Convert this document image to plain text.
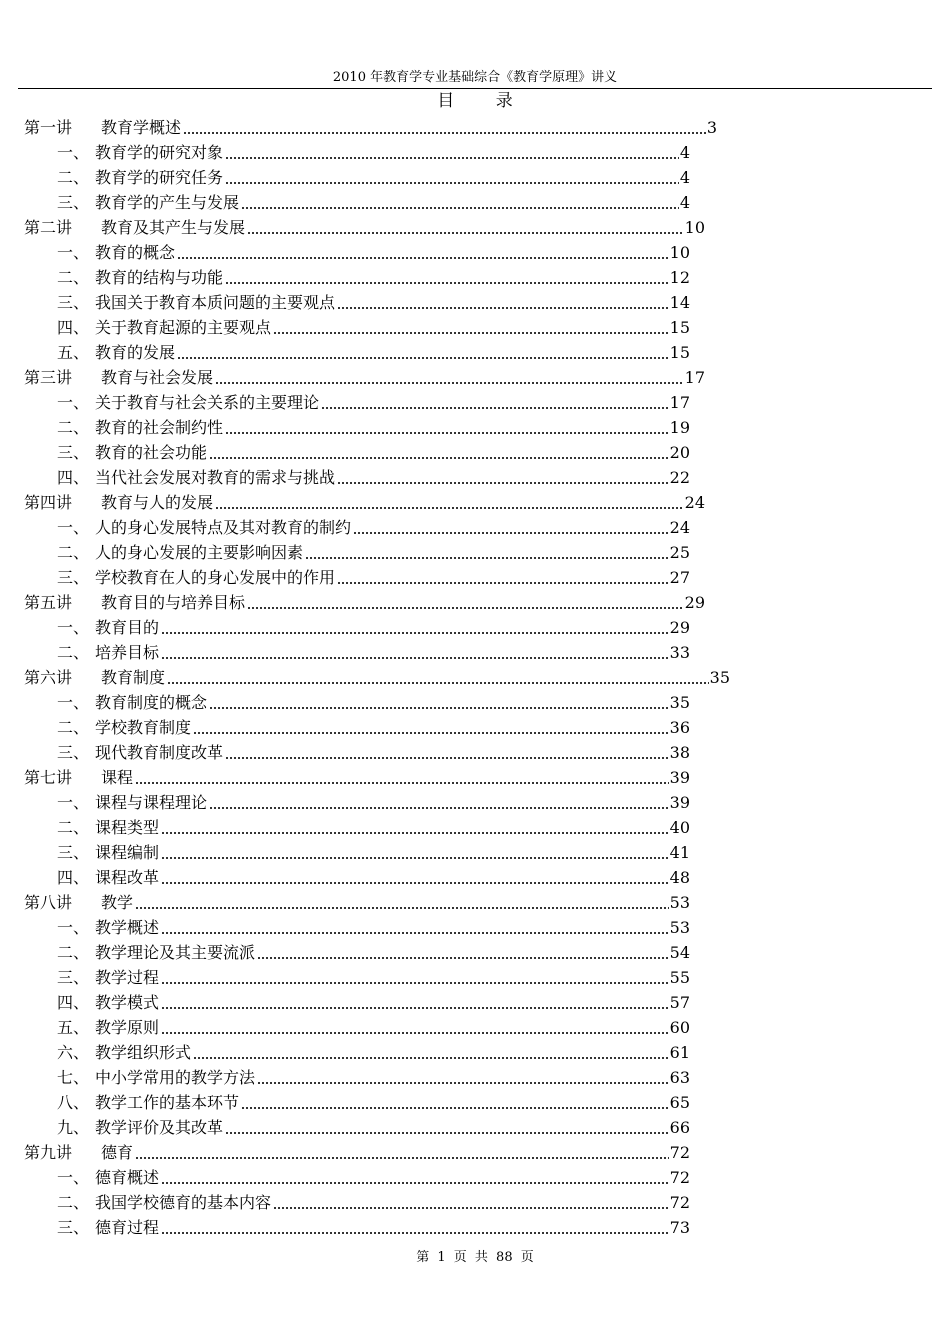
2010 年教育学专业基础综合《教育学原理》讲义
目 录
第一讲 教育学概述	3
一、 教育学的研究对象	4
二、 教育学的研究任务	4
三、 教育学的产生与发展	4
第二讲 教育及其产生与发展	10
一、 教育的概念	10
二、 教育的结构与功能	12
三、 我国关于教育本质问题的主要观点	14
四、 关于教育起源的主要观点	15
五、 教育的发展	15
第三讲 教育与社会发展	17
一、 关于教育与社会关系的主要理论	17
二、 教育的社会制约性	19
三、 教育的社会功能	20
四、 当代社会发展对教育的需求与挑战	22
第四讲 教育与人的发展	24
一、 人的身心发展特点及其对教育的制约	24
二、 人的身心发展的主要影响因素	25
三、 学校教育在人的身心发展中的作用	27
第五讲 教育目的与培养目标	29
一、 教育目的	29
二、 培养目标	33
第六讲 教育制度	35
一、 教育制度的概念	35
二、 学校教育制度	36
三、 现代教育制度改革	38
第七讲 课程	39
一、 课程与课程理论	39
二、 课程类型	40
三、 课程编制	41
四、 课程改革	48
第八讲 教学	53
一、 教学概述	53
二、 教学理论及其主要流派	54
三、 教学过程	55
四、 教学模式	57
五、 教学原则	60
六、 教学组织形式	61
七、 中小学常用的教学方法	63
八、 教学工作的基本环节	65
九、 教学评价及其改革	66
第九讲 德育	72
一、 德育概述	72
二、 我国学校德育的基本内容	72
三、 德育过程	73
第 1 页 共 88 页
